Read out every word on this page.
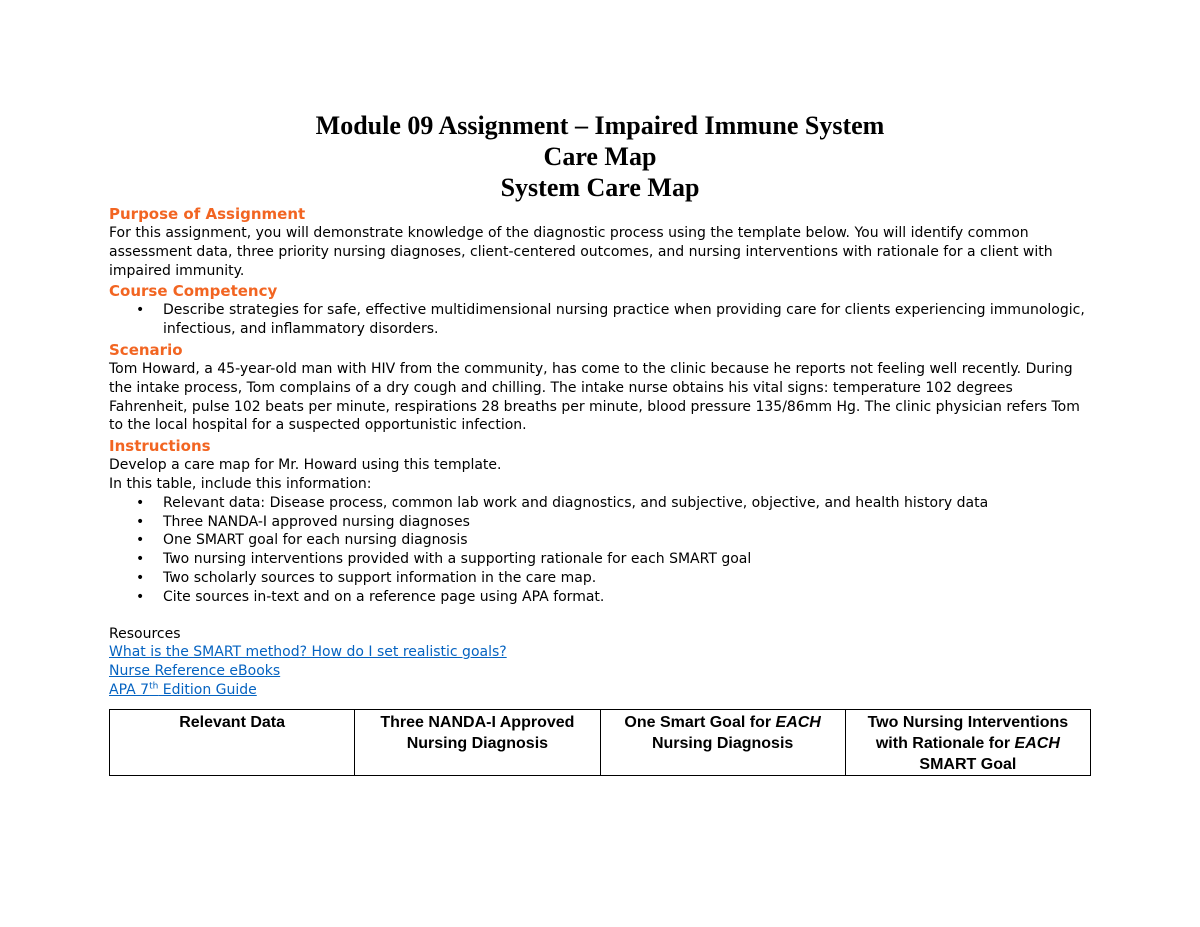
Module 09 Assignment – Impaired Immune System
Care Map
System Care Map
Purpose of Assignment

For this assignment, you will demonstrate knowledge of the diagnostic process using the template below. You will identify common assessment data, three priority nursing diagnoses, client-centered outcomes, and nursing interventions with rationale for a client with impaired immunity.

Course Competency
• Describe strategies for safe, effective multidimensional nursing practice when providing care for clients experiencing immunologic, infectious, and inflammatory disorders.
Scenario

Tom Howard, a 45-year-old man with HIV from the community, has come to the clinic because he reports not feeling well recently. During the intake process, Tom complains of a dry cough and chilling. The intake nurse obtains his vital signs: temperature 102 degrees Fahrenheit, pulse 102 beats per minute, respirations 28 breaths per minute, blood pressure 135/86mm Hg. The clinic physician refers Tom to the local hospital for a suspected opportunistic infection.

Instructions

Develop a care map for Mr. Howard using this template.

In this table, include this information:

• Relevant data: Disease process, common lab work and diagnostics, and subjective, objective, and health history data
• Three NANDA-I approved nursing diagnoses
• One SMART goal for each nursing diagnosis
• Two nursing interventions provided with a supporting rationale for each SMART goal
• Two scholarly sources to support information in the care map.
• Cite sources in-text and on a reference page using APA format.

Resources

What is the SMART method? How do I set realistic goals?
Nurse Reference eBooks
APA 7th Edition Guide
Relevant Data	Three NANDA-I Approved Nursing Diagnosis	One Smart Goal for EACH Nursing Diagnosis	Two Nursing Interventions with Rationale for EACH SMART Goal
